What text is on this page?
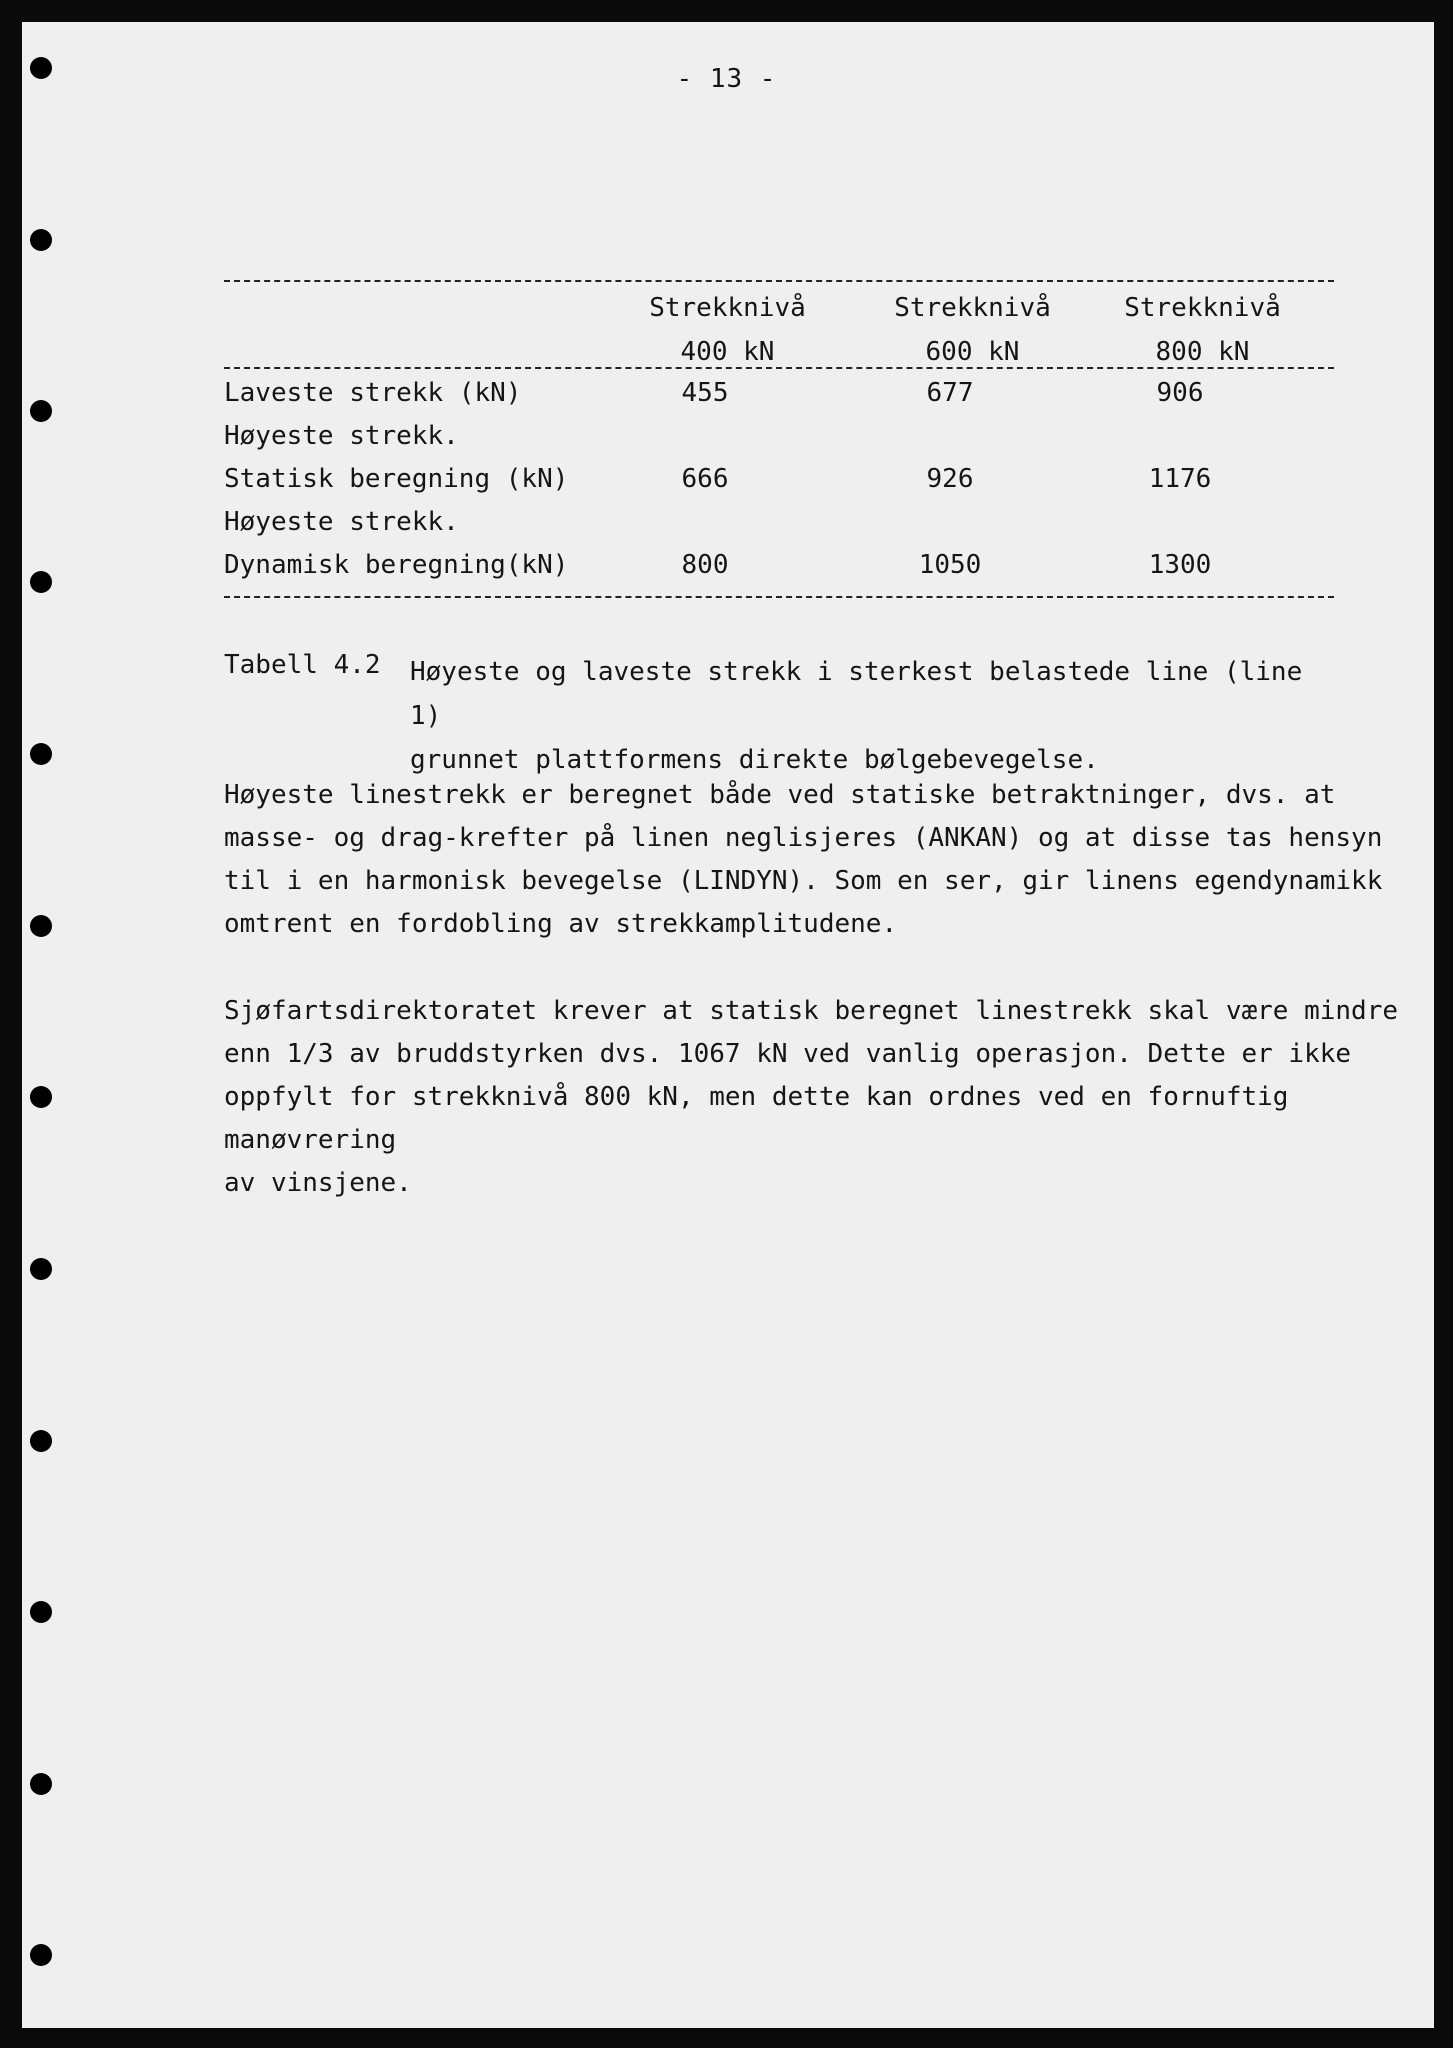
- 13 -
Strekknivå	Strekknivå	Strekknivå
400 kN	600 kN	800 kN
Laveste strekk (kN)	455	677	906
Høyeste strekk.
Statisk beregning (kN)	666	926	1176
Høyeste strekk.
Dynamisk beregning(kN)	800	1050	1300
Tabell 4.2 Høyeste og laveste strekk i sterkest belastede line (line 1)
grunnet plattformens direkte bølgebevegelse.
Høyeste linestrekk er beregnet både ved statiske betraktninger, dvs. at
masse- og drag-krefter på linen neglisjeres (ANKAN) og at disse tas hensyn
til i en harmonisk bevegelse (LINDYN). Som en ser, gir linens egendynamikk
omtrent en fordobling av strekkamplitudene.
Sjøfartsdirektoratet krever at statisk beregnet linestrekk skal være mindre
enn 1/3 av bruddstyrken dvs. 1067 kN ved vanlig operasjon. Dette er ikke
oppfylt for strekknivå 800 kN, men dette kan ordnes ved en fornuftig manøvrering
av vinsjene.
